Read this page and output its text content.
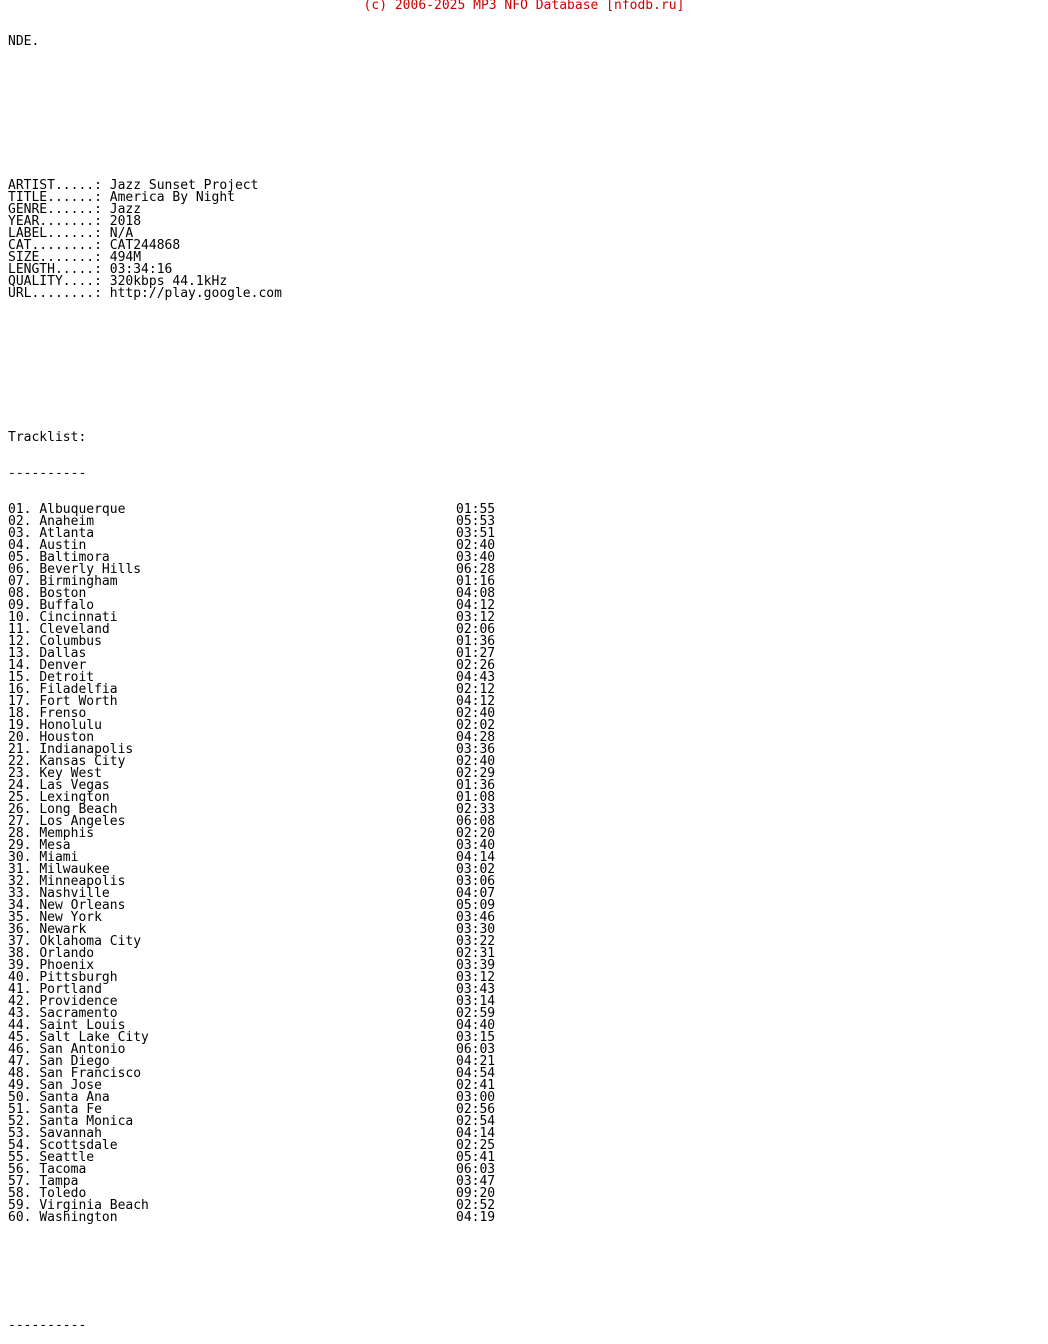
(c) 2006-2025 MP3 NFO Database [nfodb.ru]

NDE.

ARTIST.....: Jazz Sunset Project
TITLE......: America By Night
GENRE......: Jazz
YEAR.......: 2018
LABEL......: N/A
CAT........: CAT244868
SIZE.......: 494M
LENGTH.....: 03:34:16
QUALITY....: 320kbps 44.1kHz
URL........: http://play.google.com

Tracklist:

----------

01. Albuquerque	01:55
02. Anaheim	05:53
03. Atlanta	03:51
04. Austin	02:40
05. Baltimora	03:40
06. Beverly Hills	06:28
07. Birmingham	01:16
08. Boston	04:08
09. Buffalo	04:12
10. Cincinnati	03:12
11. Cleveland	02:06
12. Columbus	01:36
13. Dallas	01:27
14. Denver	02:26
15. Detroit	04:43
16. Filadelfia	02:12
17. Fort Worth	04:12
18. Frenso	02:40
19. Honolulu	02:02
20. Houston	04:28
21. Indianapolis	03:36
22. Kansas City	02:40
23. Key West	02:29
24. Las Vegas	01:36
25. Lexington	01:08
26. Long Beach	02:33
27. Los Angeles	06:08
28. Memphis	02:20
29. Mesa	03:40
30. Miami	04:14
31. Milwaukee	03:02
32. Minneapolis	03:06
33. Nashville	04:07
34. New Orleans	05:09
35. New York	03:46
36. Newark	03:30
37. Oklahoma City	03:22
38. Orlando	02:31
39. Phoenix	03:39
40. Pittsburgh	03:12
41. Portland	03:43
42. Providence	03:14
43. Sacramento	02:59
44. Saint Louis	04:40
45. Salt Lake City	03:15
46. San Antonio	06:03
47. San Diego	04:21
48. San Francisco	04:54
49. San Jose	02:41
50. Santa Ana	03:00
51. Santa Fe	02:56
52. Santa Monica	02:54
53. Savannah	04:14
54. Scottsdale	02:25
55. Seattle	05:41
56. Tacoma	06:03
57. Tampa	03:47
58. Toledo	09:20
59. Virginia Beach	02:52
60. Washington	04:19

----------
